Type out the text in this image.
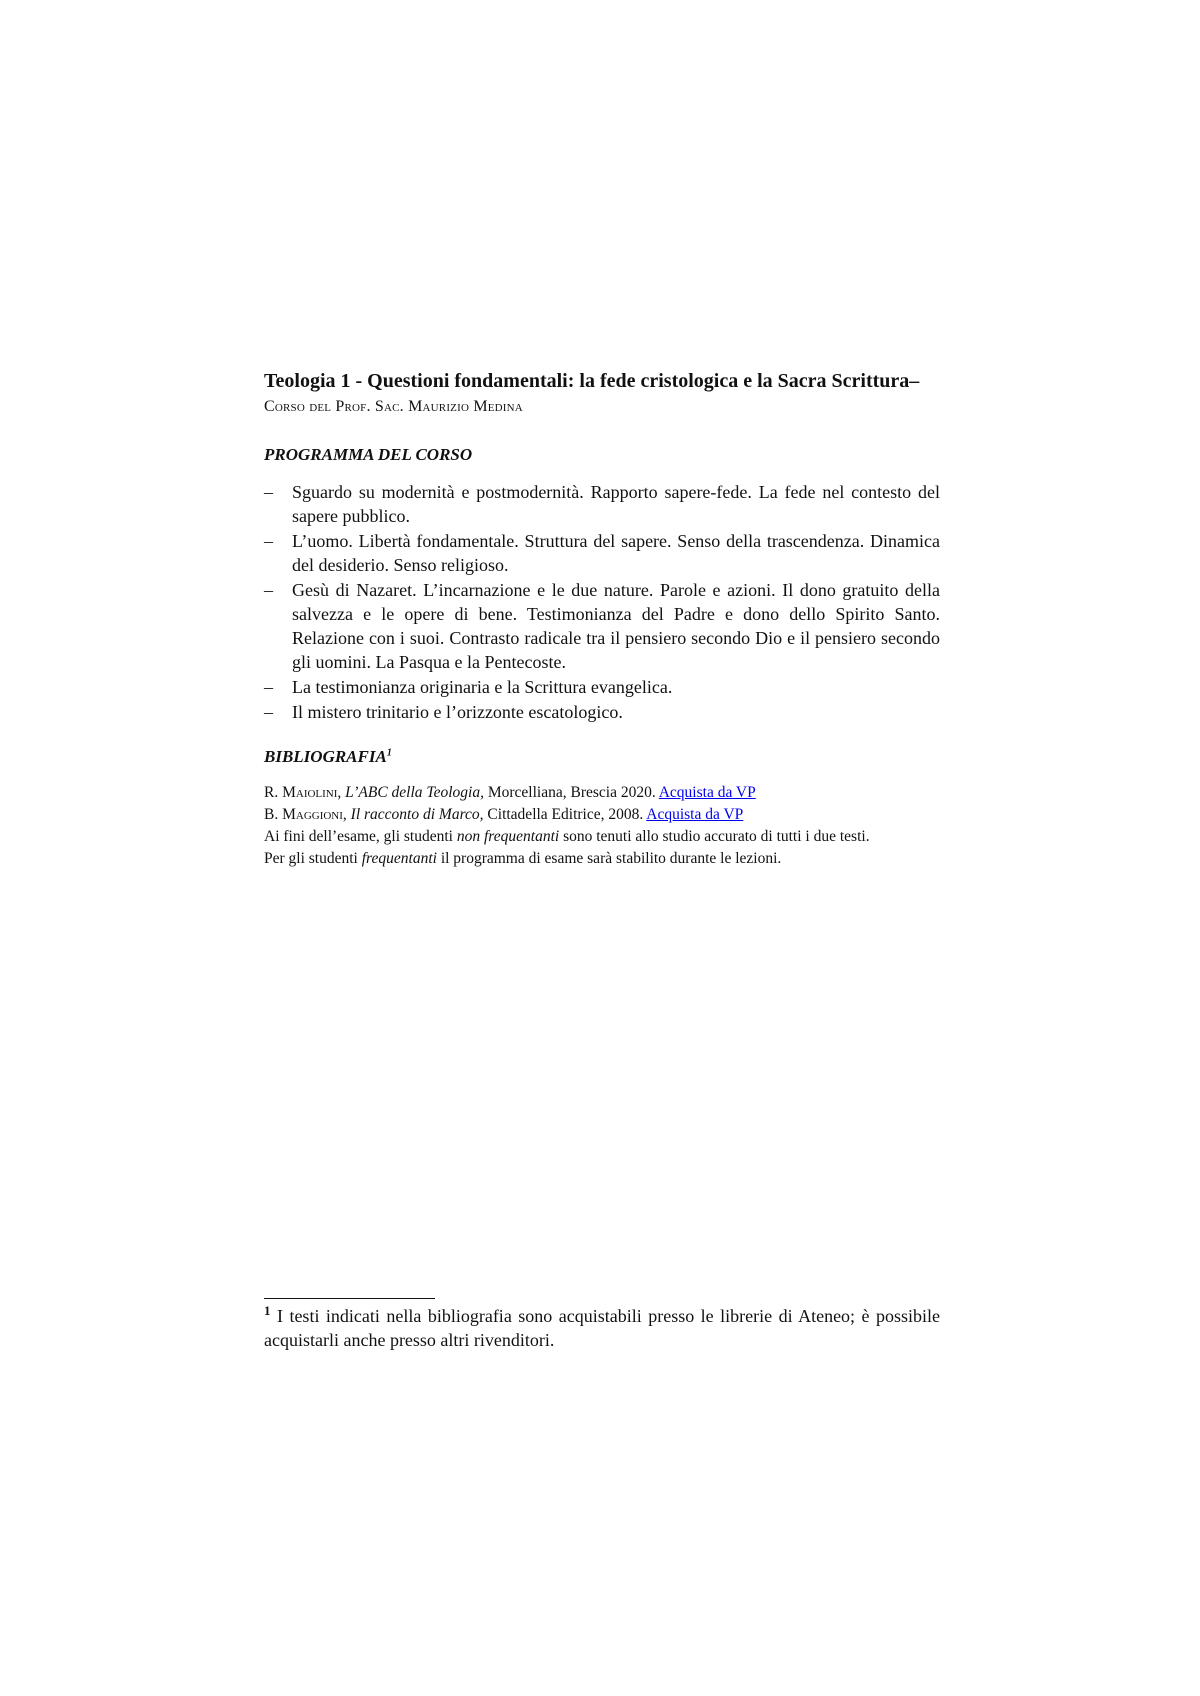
Teologia 1 - Questioni fondamentali: la fede cristologica e la Sacra Scrittura–

Corso del Prof. Sac. Maurizio Medina

PROGRAMMA DEL CORSO

– Sguardo su modernità e postmodernità. Rapporto sapere-fede. La fede nel contesto del sapere pubblico.
– L’uomo. Libertà fondamentale. Struttura del sapere. Senso della trascendenza. Dinamica del desiderio. Senso religioso.
– Gesù di Nazaret. L’incarnazione e le due nature. Parole e azioni. Il dono gratuito della salvezza e le opere di bene. Testimonianza del Padre e dono dello Spirito Santo. Relazione con i suoi. Contrasto radicale tra il pensiero secondo Dio e il pensiero secondo gli uomini. La Pasqua e la Pentecoste.
– La testimonianza originaria e la Scrittura evangelica.
– Il mistero trinitario e l’orizzonte escatologico.

BIBLIOGRAFIA$^1$

R. Maiolini, L’ABC della Teologia, Morcelliana, Brescia 2020. Acquista da VP

B. Maggioni, Il racconto di Marco, Cittadella Editrice, 2008. Acquista da VP

Ai fini dell’esame, gli studenti non frequentanti sono tenuti allo studio accurato di tutti i due testi.

Per gli studenti frequentanti il programma di esame sarà stabilito durante le lezioni.

$^1$ I testi indicati nella bibliografia sono acquistabili presso le librerie di Ateneo; è possibile acquistarli anche presso altri rivenditori.
